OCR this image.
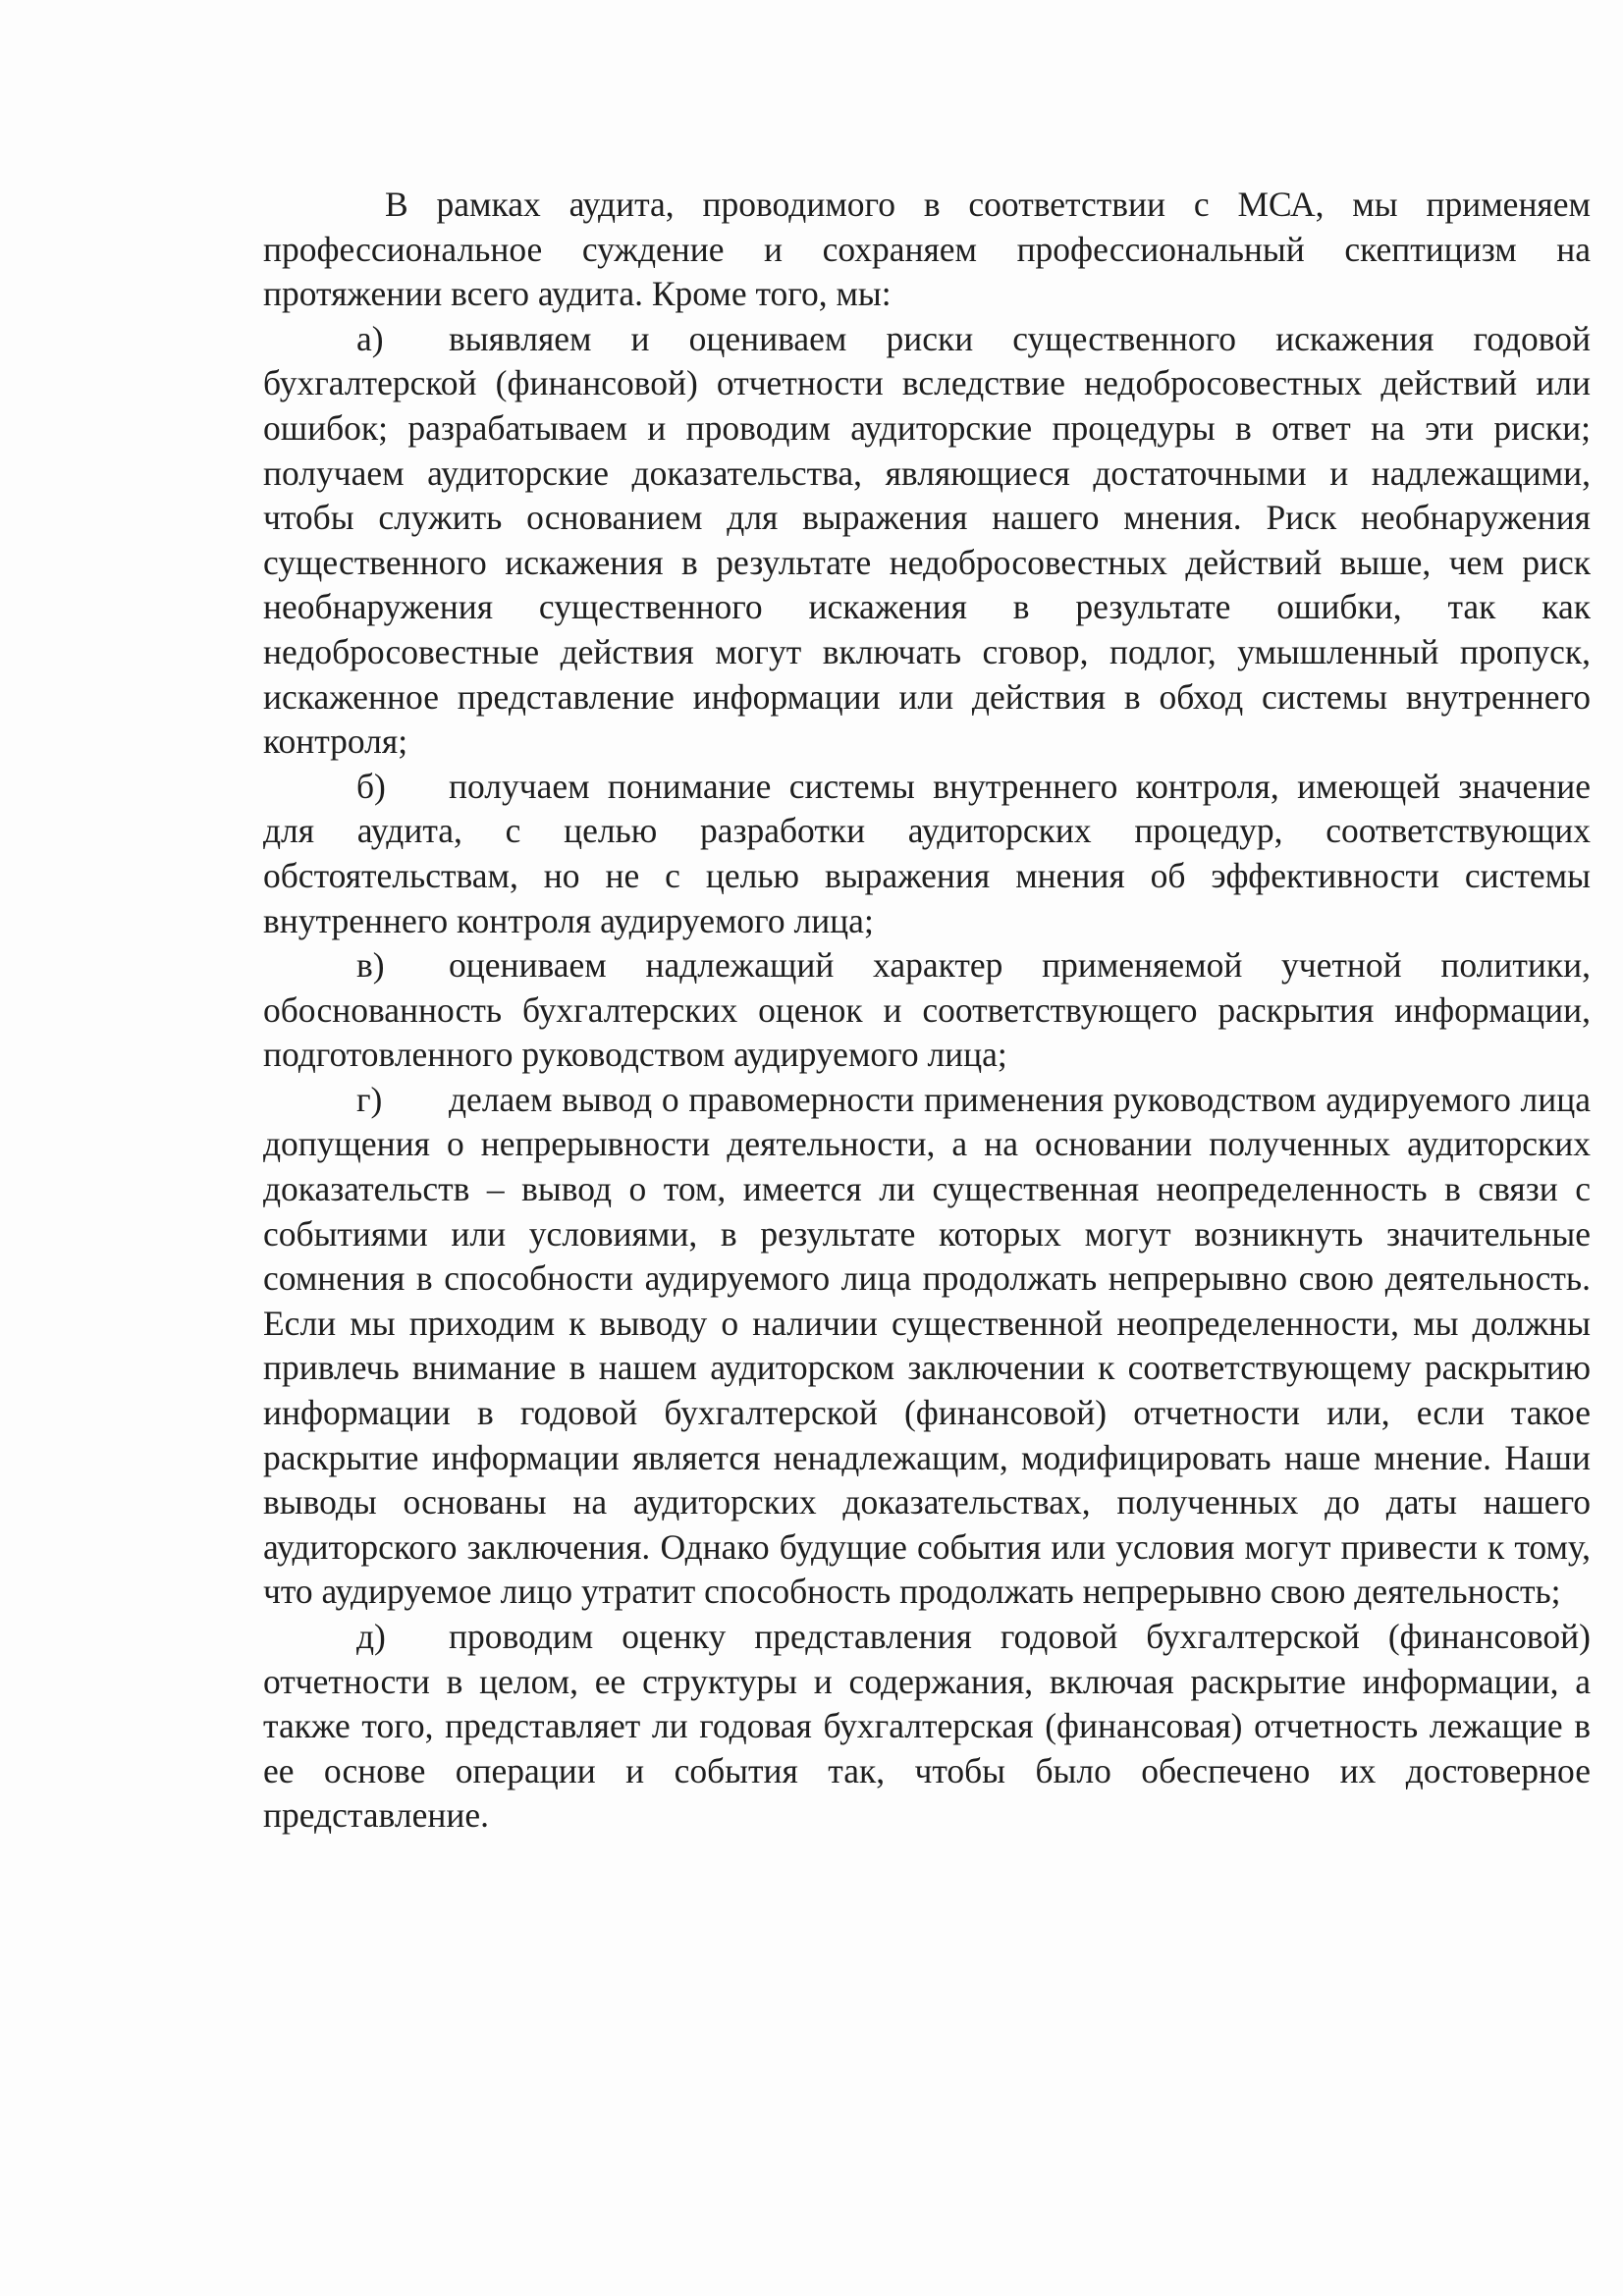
В рамках аудита, проводимого в соответствии с МСА, мы применяем профессиональное суждение и сохраняем профессиональный скептицизм на протяжении всего аудита. Кроме того, мы:

а) выявляем и оцениваем риски существенного искажения годовой бухгалтерской (финансовой) отчетности вследствие недобросовестных действий или ошибок; разрабатываем и проводим аудиторские процедуры в ответ на эти риски; получаем аудиторские доказательства, являющиеся достаточными и надлежащими, чтобы служить основанием для выражения нашего мнения. Риск необнаружения существенного искажения в результате недобросовестных действий выше, чем риск необнаружения существенного искажения в результате ошибки, так как недобросовестные действия могут включать сговор, подлог, умышленный пропуск, искаженное представление информации или действия в обход системы внутреннего контроля;

б) получаем понимание системы внутреннего контроля, имеющей значение для аудита, с целью разработки аудиторских процедур, соответствующих обстоятельствам, но не с целью выражения мнения об эффективности системы внутреннего контроля аудируемого лица;

в) оцениваем надлежащий характер применяемой учетной политики, обоснованность бухгалтерских оценок и соответствующего раскрытия информации, подготовленного руководством аудируемого лица;

г) делаем вывод о правомерности применения руководством аудируемого лица допущения о непрерывности деятельности, а на основании полученных аудиторских доказательств – вывод о том, имеется ли существенная неопределенность в связи с событиями или условиями, в результате которых могут возникнуть значительные сомнения в способности аудируемого лица продолжать непрерывно свою деятельность. Если мы приходим к выводу о наличии существенной неопределенности, мы должны привлечь внимание в нашем аудиторском заключении к соответствующему раскрытию информации в годовой бухгалтерской (финансовой) отчетности или, если такое раскрытие информации является ненадлежащим, модифицировать наше мнение. Наши выводы основаны на аудиторских доказательствах, полученных до даты нашего аудиторского заключения. Однако будущие события или условия могут привести к тому, что аудируемое лицо утратит способность продолжать непрерывно свою деятельность;

д) проводим оценку представления годовой бухгалтерской (финансовой) отчетности в целом, ее структуры и содержания, включая раскрытие информации, а также того, представляет ли годовая бухгалтерская (финансовая) отчетность лежащие в ее основе операции и события так, чтобы было обеспечено их достоверное представление.
